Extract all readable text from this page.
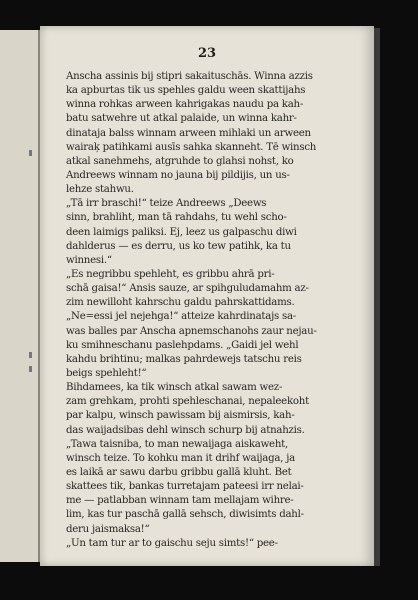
23
Anscha assinis bij stipri sakaituschās. Winna azzis
ka apburtas tik us spehles galdu ween skattijahs
winna rohkas arween kahrigakas naudu pa kah-
batu satwehre ut atkal palaide, un winna kahr-
dinataja balss winnam arween mihlaki un arween
wairaķ patihkami ausīs sahka skanneht. Tē winsch
atkal sanehmehs, atgruhde to glahsi nohst, ko
Andreews winnam no jauna bij pildijis, un us-
lehze stahwu.
„Tā irr braschi!“ teize Andreews „Deews
sinn, brahliht, man tā rahdahs, tu wehl scho-
deen laimigs paliksi. Ej, leez us galpaschu diwi
dahlderus — es derru, us ko tew patihk, ka tu
winnesi.“
„Es negribbu spehleht, es gribbu ahrā pri-
schā gaisa!“ Ansis sauze, ar spihguludamahm az-
zim newilloht kahrschu galdu pahrskattidams.
„Ne=essi jel nejehga!“ atteize kahrdinatajs sa-
was balles par Anscha apnemschanohs zaur nejau-
ku smihneschanu paslehpdams. „Gaidi jel wehl
kahdu brihtinu; malkas pahrdewejs tatschu reis
beigs spehleht!“
Bihdamees, ka tik winsch atkal sawam wez-
zam grehkam, prohti spehleschanai, nepaleekoht
par kalpu, winsch pawissam bij aismirsis, kah-
das waijadsibas dehl winsch schurp bij atnahzis.
„Tawa taisniba, to man newaijaga aiskaweht,
winsch teize. To kohku man it drihf waijaga, ja
es laikā ar sawu darbu gribbu gallā kluht. Bet
skattees tik, bankas turretajam pateesi irr nelai-
me — patlabban winnam tam mellajam wihre-
lim, kas tur paschā gallā sehsch, diwisimts dahl-
deru jaismaksa!“
„Un tam tur ar to gaischu seju simts!“ pee-
